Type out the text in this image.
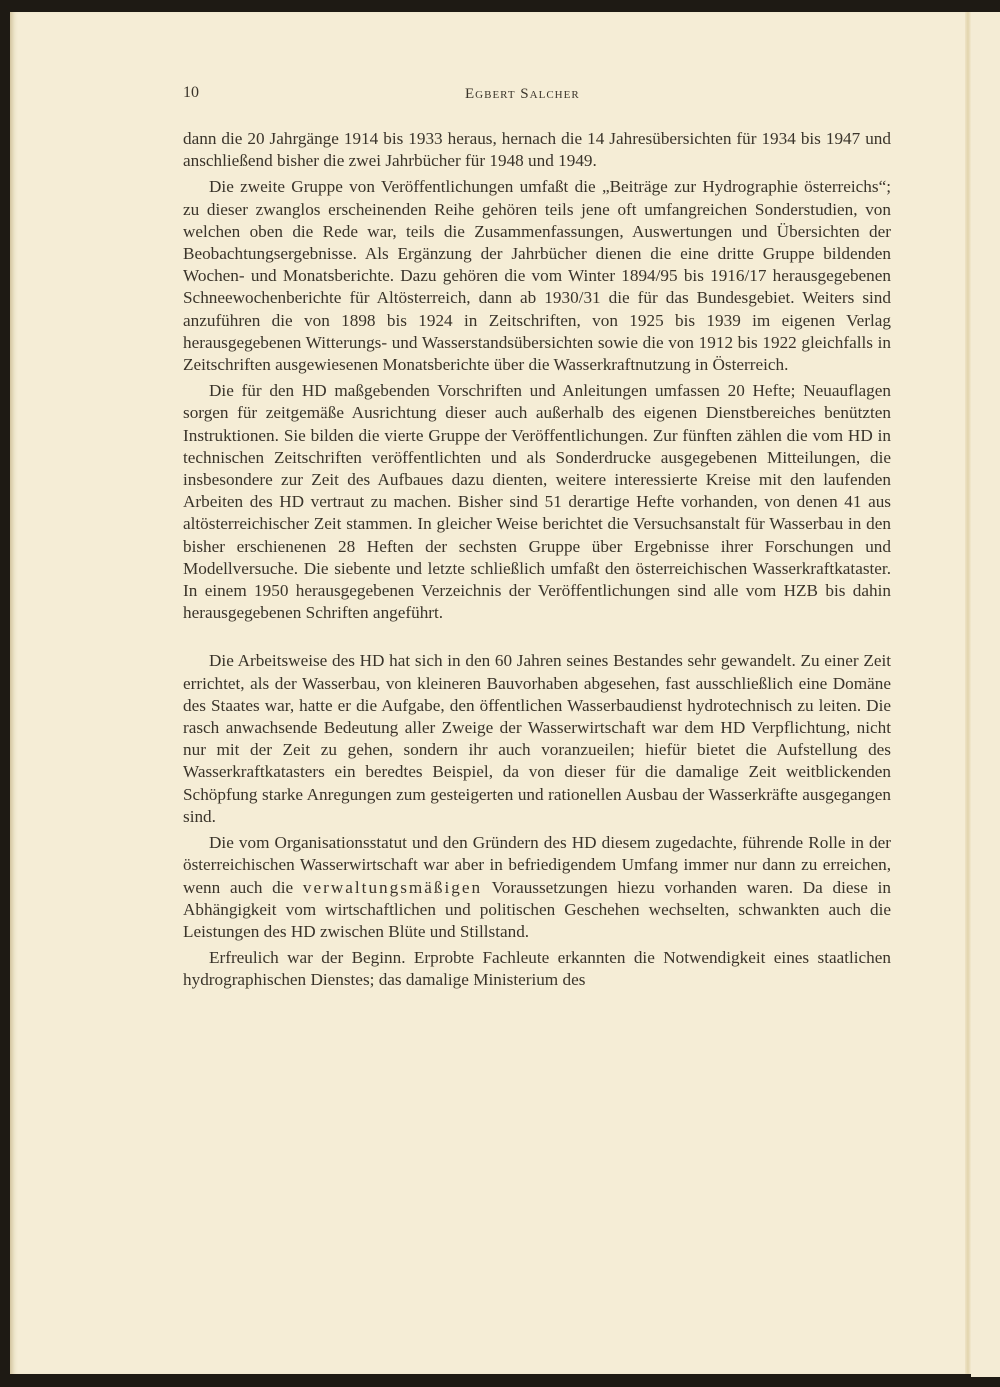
10	Egbert Salcher

dann die 20 Jahrgänge 1914 bis 1933 heraus, hernach die 14 Jahresübersichten für 1934 bis 1947 und anschließend bisher die zwei Jahrbücher für 1948 und 1949.

Die zweite Gruppe von Veröffentlichungen umfaßt die „Beiträge zur Hydrographie österreichs“; zu dieser zwanglos erscheinenden Reihe gehören teils jene oft umfangreichen Sonderstudien, von welchen oben die Rede war, teils die Zusammenfassungen, Auswertungen und Übersichten der Beobachtungsergebnisse. Als Ergänzung der Jahrbücher dienen die eine dritte Gruppe bildenden Wochen- und Monatsberichte. Dazu gehören die vom Winter 1894/95 bis 1916/17 herausgegebenen Schneewochenberichte für Altösterreich, dann ab 1930/31 die für das Bundesgebiet. Weiters sind anzuführen die von 1898 bis 1924 in Zeitschriften, von 1925 bis 1939 im eigenen Verlag herausgegebenen Witterungs- und Wasserstandsübersichten sowie die von 1912 bis 1922 gleichfalls in Zeitschriften ausgewiesenen Monatsberichte über die Wasserkraftnutzung in Österreich.

Die für den HD maßgebenden Vorschriften und Anleitungen umfassen 20 Hefte; Neuauflagen sorgen für zeitgemäße Ausrichtung dieser auch außerhalb des eigenen Dienstbereiches benützten Instruktionen. Sie bilden die vierte Gruppe der Veröffentlichungen. Zur fünften zählen die vom HD in technischen Zeitschriften veröffentlichten und als Sonderdrucke ausgegebenen Mitteilungen, die insbesondere zur Zeit des Aufbaues dazu dienten, weitere interessierte Kreise mit den laufenden Arbeiten des HD vertraut zu machen. Bisher sind 51 derartige Hefte vorhanden, von denen 41 aus altösterreichischer Zeit stammen. In gleicher Weise berichtet die Versuchsanstalt für Wasserbau in den bisher erschienenen 28 Heften der sechsten Gruppe über Ergebnisse ihrer Forschungen und Modellversuche. Die siebente und letzte schließlich umfaßt den österreichischen Wasserkraftkataster. In einem 1950 herausgegebenen Verzeichnis der Veröffentlichungen sind alle vom HZB bis dahin herausgegebenen Schriften angeführt.

Die Arbeitsweise des HD hat sich in den 60 Jahren seines Bestandes sehr gewandelt. Zu einer Zeit errichtet, als der Wasserbau, von kleineren Bauvorhaben abgesehen, fast ausschließlich eine Domäne des Staates war, hatte er die Aufgabe, den öffentlichen Wasserbaudienst hydrotechnisch zu leiten. Die rasch anwachsende Bedeutung aller Zweige der Wasserwirtschaft war dem HD Verpflichtung, nicht nur mit der Zeit zu gehen, sondern ihr auch voranzueilen; hiefür bietet die Aufstellung des Wasserkraftkatasters ein beredtes Beispiel, da von dieser für die damalige Zeit weitblickenden Schöpfung starke Anregungen zum gesteigerten und rationellen Ausbau der Wasserkräfte ausgegangen sind.

Die vom Organisationsstatut und den Gründern des HD diesem zugedachte, führende Rolle in der österreichischen Wasserwirtschaft war aber in befriedigendem Umfang immer nur dann zu erreichen, wenn auch die verwaltungsmäßigen Voraussetzungen hiezu vorhanden waren. Da diese in Abhängigkeit vom wirtschaftlichen und politischen Geschehen wechselten, schwankten auch die Leistungen des HD zwischen Blüte und Stillstand.

Erfreulich war der Beginn. Erprobte Fachleute erkannten die Notwendigkeit eines staatlichen hydrographischen Dienstes; das damalige Ministerium des
